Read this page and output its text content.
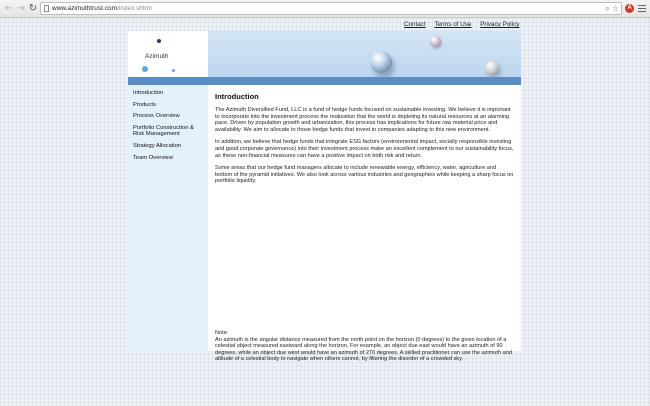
← → ↻	www.azimuthtrust.com/index.shtml	⌕ ☆	A
Contact Terms of Use Privacy Policy
Azimuth
Introduction
Products
Process Overview
Portfolio Construction & Risk Management
Strategy Allocation
Team Overview
Introduction

The Azimuth Diversified Fund, LLC is a fund of hedge funds focused on sustainable investing. We believe it is important to incorporate into the investment process the realization that the world is depleting its natural resources at an alarming pace. Driven by population growth and urbanization, this process has implications for future raw material price and availability. We aim to allocate to those hedge funds that invest in companies adapting to this new environment.

In addition, we believe that hedge funds that integrate ESG factors (environmental impact, socially responsible investing and good corporate governance) into their investment process make an excellent complement to our sustainability focus, as these non-financial measures can have a positive impact on both risk and return.

Some areas that our hedge fund managers allocate to include renewable energy, efficiency, water, agriculture and bottom of the pyramid initiatives. We also look across various industries and geographies while keeping a sharp focus on portfolio liquidity.

Note:

An azimuth is the angular distance measured from the north point on the horizon (0 degrees) to the given location of a celestial object measured eastward along the horizon. For example, an object due east would have an azimuth of 90 degrees, while an object due west would have an azimuth of 270 degrees. A skilled practitioner can use the azimuth and altitude of a celestial body to navigate when others cannot, by filtering the disorder of a crowded sky.
